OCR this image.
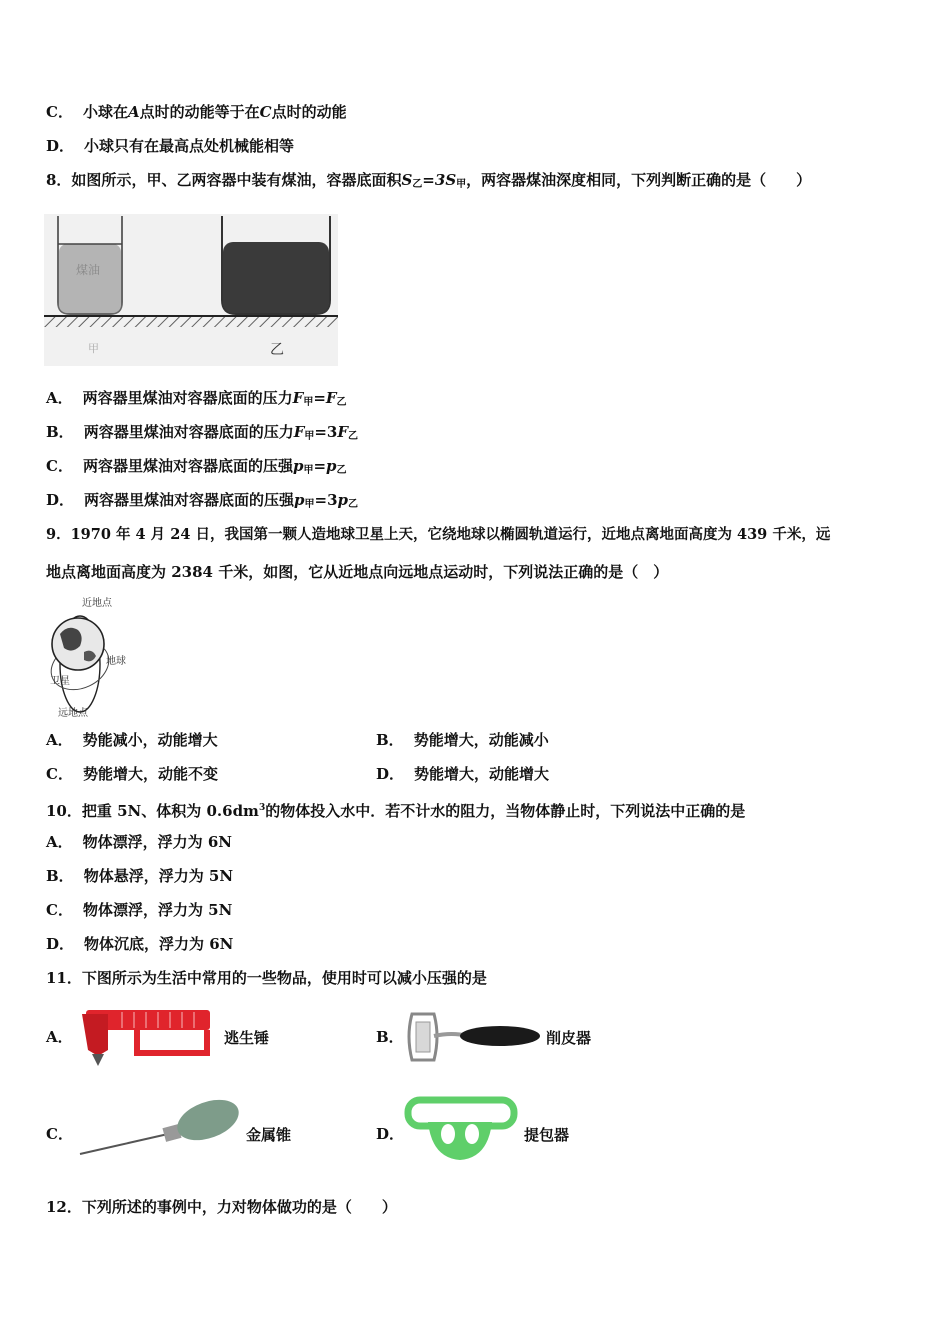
C． 小球在A点时的动能等于在C点时的动能
D． 小球只有在最高点处机械能相等
8．如图所示，甲、乙两容器中装有煤油，容器底面积$S_乙=3S_甲$，两容器煤油深度相同，下列判断正确的是（　　）
煤油
甲	乙
A． 两容器里煤油对容器底面的压力$F_甲=F_乙$
B． 两容器里煤油对容器底面的压力$F_甲=3F_乙$
C． 两容器里煤油对容器底面的压强$p_甲=p_乙$
D． 两容器里煤油对容器底面的压强$p_甲=3p_乙$
9．1970 年 4 月 24 日，我国第一颗人造地球卫星上天，它绕地球以椭圆轨道运行，近地点离地面高度为 439 千米，远
地点离地面高度为 2384 千米，如图，它从近地点向远地点运动时，下列说法正确的是（　）
近地点
地球
卫星
远地点
A． 势能减小，动能增大	B． 势能增大，动能减小
C． 势能增大，动能不变	D． 势能增大，动能增大
10．把重 5N、体积为 $0.6dm^3$的物体投入水中．若不计水的阻力，当物体静止时，下列说法中正确的是
A． 物体漂浮，浮力为 6N
B． 物体悬浮，浮力为 5N
C． 物体漂浮，浮力为 5N
D． 物体沉底，浮力为 6N
11．下图所示为生活中常用的一些物品，使用时可以减小压强的是
A．	逃生锤	B．	削皮器
C．	金属锥	D．	提包器
12．下列所述的事例中，力对物体做功的是（　　）
